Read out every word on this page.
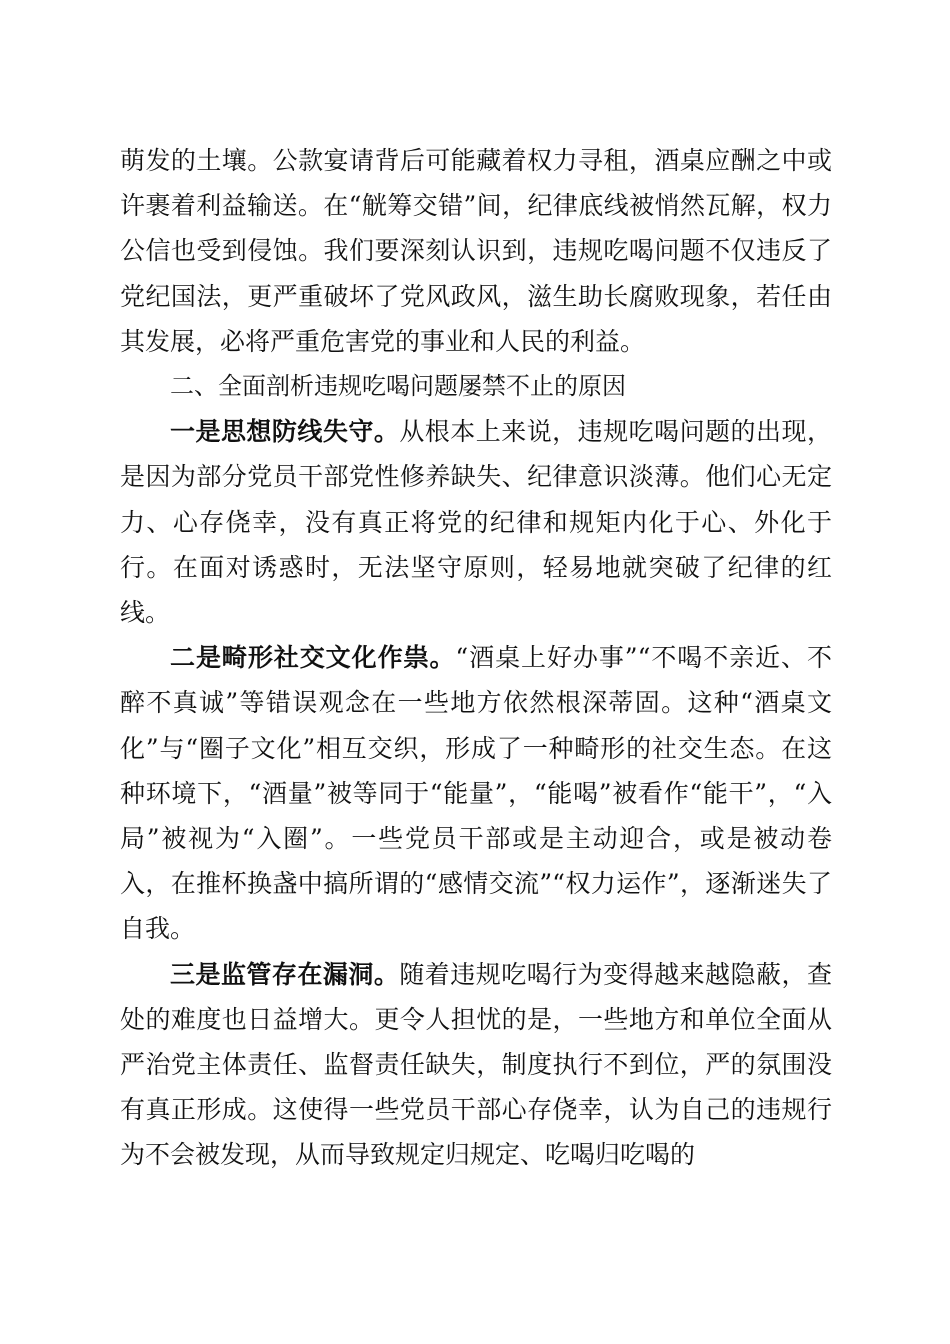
萌发的土壤。公款宴请背后可能藏着权力寻租，酒桌应酬之中或许裹着利益输送。在“觥筹交错”间，纪律底线被悄然瓦解，权力公信也受到侵蚀。我们要深刻认识到，违规吃喝问题不仅违反了党纪国法，更严重破坏了党风政风，滋生助长腐败现象，若任由其发展，必将严重危害党的事业和人民的利益。

二、全面剖析违规吃喝问题屡禁不止的原因

一是思想防线失守。从根本上来说，违规吃喝问题的出现，是因为部分党员干部党性修养缺失、纪律意识淡薄。他们心无定力、心存侥幸，没有真正将党的纪律和规矩内化于心、外化于行。在面对诱惑时，无法坚守原则，轻易地就突破了纪律的红线。

二是畸形社交文化作祟。“酒桌上好办事”“不喝不亲近、不醉不真诚”等错误观念在一些地方依然根深蒂固。这种“酒桌文化”与“圈子文化”相互交织，形成了一种畸形的社交生态。在这种环境下，“酒量”被等同于“能量”，“能喝”被看作“能干”，“入局”被视为“入圈”。一些党员干部或是主动迎合，或是被动卷入，在推杯换盏中搞所谓的“感情交流”“权力运作”，逐渐迷失了自我。

三是监管存在漏洞。随着违规吃喝行为变得越来越隐蔽，查处的难度也日益增大。更令人担忧的是，一些地方和单位全面从严治党主体责任、监督责任缺失，制度执行不到位，严的氛围没有真正形成。这使得一些党员干部心存侥幸，认为自己的违规行为不会被发现，从而导致规定归规定、吃喝归吃喝的
